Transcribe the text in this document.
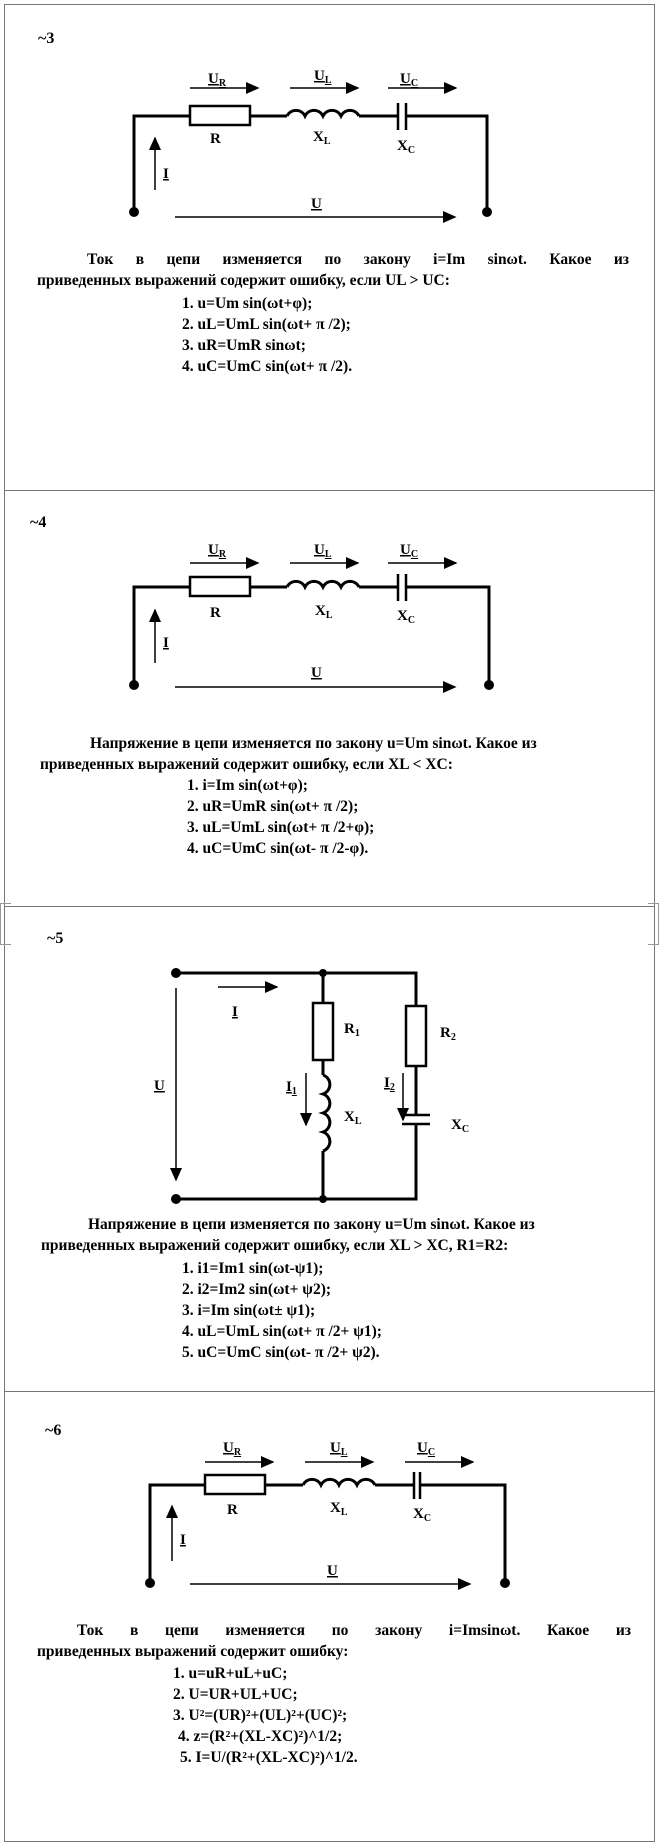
~3
$U_R$	$U_L$	$U_C$
R	$X_L$	$X_C$
I
U

Ток в цепи изменяется по закону i=Im sinωt. Какое из

приведенных выражений содержит ошибку, если UL > UC:

1. u=Um sin(ωt+φ);
2. uL=UmL sin(ωt+ π /2);
3. uR=UmR sinωt;
4. uC=UmC sin(ωt+ π /2).
~4
$U_R$	$U_L$	$U_C$
R	$X_L$	$X_C$
I
U

Напряжение в цепи изменяется по закону u=Um sinωt. Какое из

приведенных выражений содержит ошибку, если XL < XC:

1. i=Im sin(ωt+φ);
2. uR=UmR sin(ωt+ π /2);
3. uL=UmL sin(ωt+ π /2+φ);
4. uC=UmC sin(ωt- π /2-φ).
~5
I
U
$R_1$	$R_2$
$I_1$
$I_2$
$X_L$	$X_C$

Напряжение в цепи изменяется по закону u=Um sinωt. Какое из

приведенных выражений содержит ошибку, если XL > XC, R1=R2:

1. i1=Im1 sin(ωt-ψ1);
2. i2=Im2 sin(ωt+ ψ2);
3. i=Im sin(ωt± ψ1);
4. uL=UmL sin(ωt+ π /2+ ψ1);
5. uC=UmC sin(ωt- π /2+ ψ2).
~6
$U_R$	$U_L$	$U_C$
R	$X_L$	$X_C$
I
U

Ток в цепи изменяется по закону i=Imsinωt. Какое из

приведенных выражений содержит ошибку:

1. u=uR+uL+uC;
2. U=UR+UL+UC;
3. U²=(UR)²+(UL)²+(UC)²;
4. z=(R²+(XL-XC)²)^1/2;
5. I=U/(R²+(XL-XC)²)^1/2.
